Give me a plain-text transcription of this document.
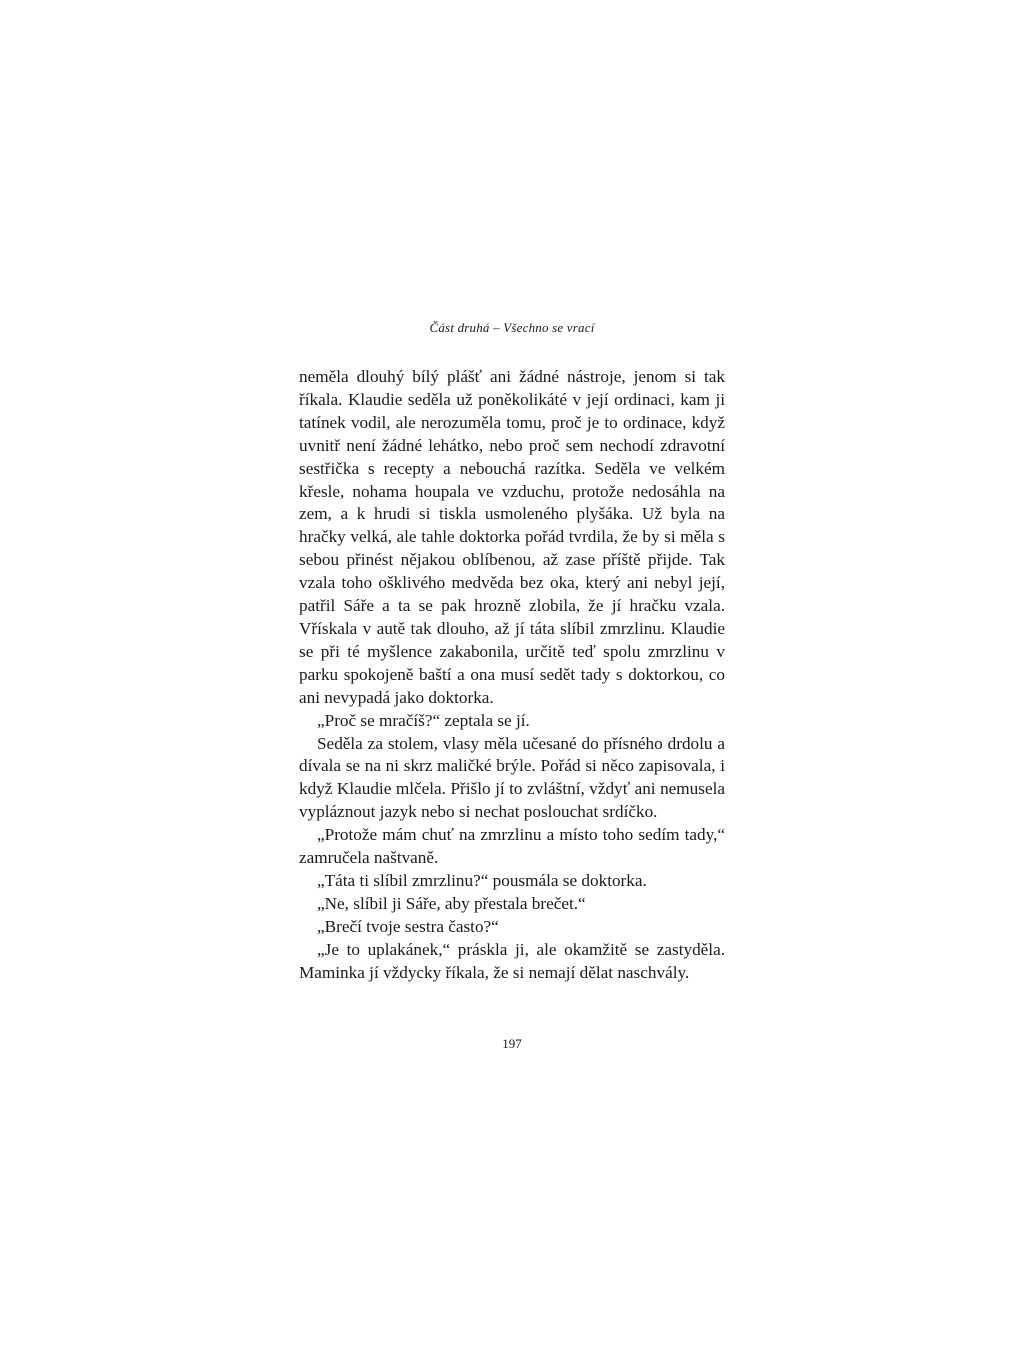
Část druhá – Všechno se vrací

neměla dlouhý bílý plášť ani žádné nástroje, jenom si tak říkala. Klaudie seděla už poněkolikáté v její ordinaci, kam ji tatínek vodil, ale nerozuměla tomu, proč je to ordinace, když uvnitř není žádné lehátko, nebo proč sem nechodí zdravotní sestřička s recepty a nebouchá razítka. Seděla ve velkém křesle, nohama houpala ve vzduchu, protože nedosáhla na zem, a k hrudi si tiskla usmoleného plyšáka. Už byla na hračky velká, ale tahle doktorka pořád tvrdila, že by si měla s sebou přinést nějakou oblíbenou, až zase příště přijde. Tak vzala toho ošklivého medvěda bez oka, který ani nebyl její, patřil Sáře a ta se pak hrozně zlobila, že jí hračku vzala. Vřískala v autě tak dlouho, až jí táta slíbil zmrzlinu. Klaudie se při té myšlence zakabonila, určitě teď spolu zmrzlinu v parku spokojeně baští a ona musí sedět tady s doktorkou, co ani nevypadá jako doktorka.

„Proč se mračíš?“ zeptala se jí.

Seděla za stolem, vlasy měla učesané do přísného drdolu a dívala se na ni skrz maličké brýle. Pořád si něco zapisovala, i když Klaudie mlčela. Přišlo jí to zvláštní, vždyť ani nemusela vypláznout jazyk nebo si nechat poslouchat srdíčko.

„Protože mám chuť na zmrzlinu a místo toho sedím tady,“ zamručela naštvaně.

„Táta ti slíbil zmrzlinu?“ pousmála se doktorka.

„Ne, slíbil ji Sáře, aby přestala brečet.“

„Brečí tvoje sestra často?“

„Je to uplakánek,“ práskla ji, ale okamžitě se zastyděla. Maminka jí vždycky říkala, že si nemají dělat naschvály.

197
